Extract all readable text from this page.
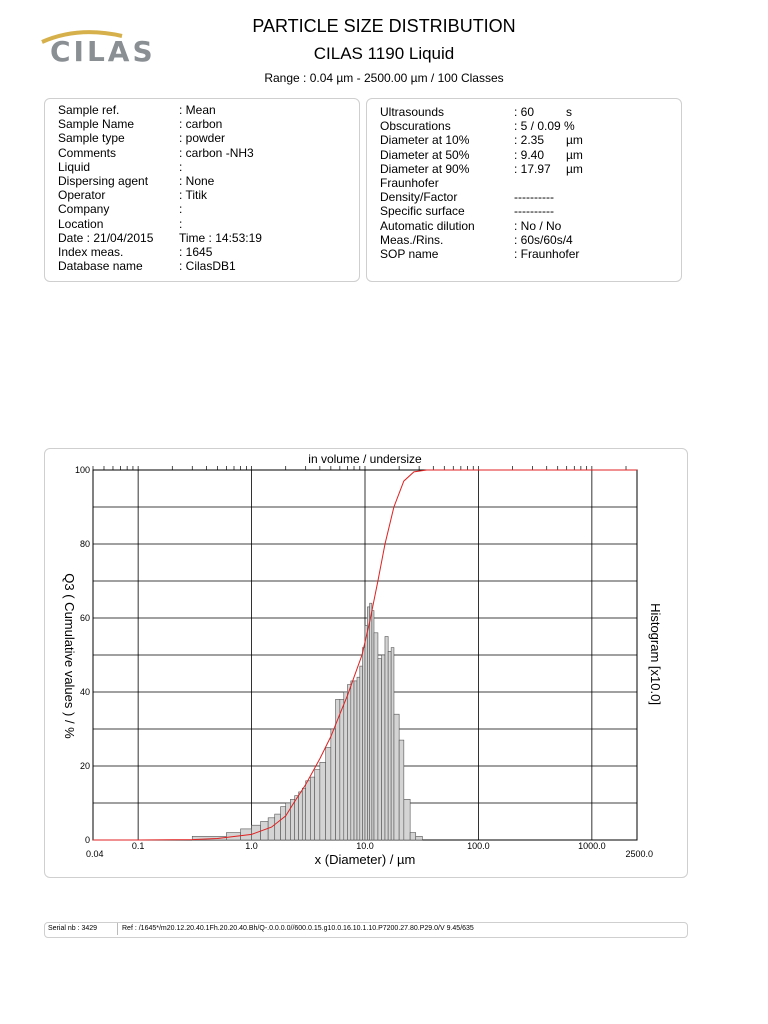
CILAS
PARTICLE SIZE DISTRIBUTION
CILAS 1190 Liquid
Range : 0.04 µm - 2500.00 µm / 100 Classes
Sample ref.	: Mean
Sample Name	: carbon
Sample type	: powder
Comments	: carbon -NH3
Liquid	:
Dispersing agent	: None
Operator	: Titik
Company	:
Location	:
Date : 21/04/2015 Time : 14:53:19
Index meas.	: 1645
Database name	: CilasDB1
Ultrasounds	: 60	s
Obscurations	: 5 / 0.09 %
Diameter at 10%	: 2.35 µm
Diameter at 50%	: 9.40 µm
Diameter at 90%	: 17.97 µm
Fraunhofer
Density/Factor	----------
Specific surface	----------
Automatic dilution	: No / No
Meas./Rins.	: 60s/60s/4
SOP name	: Fraunhofer
0
20
40
60
80
100
0.04
0.1	1.0	10.0	100.0	1000.0
2500.0
in volume / undersize
x (Diameter) / µm
Q3 ( Cumulative values ) / %	Histogram [x10.0]
Serial nb : 3429	Ref : /1645*/m20.12.20.40.1Fh.20.20.40.Bh/Q-.0.0.0.0//600.0.15.g10.0.16.10.1.10.P7200.27.80.P29.0/V 9.45/635
